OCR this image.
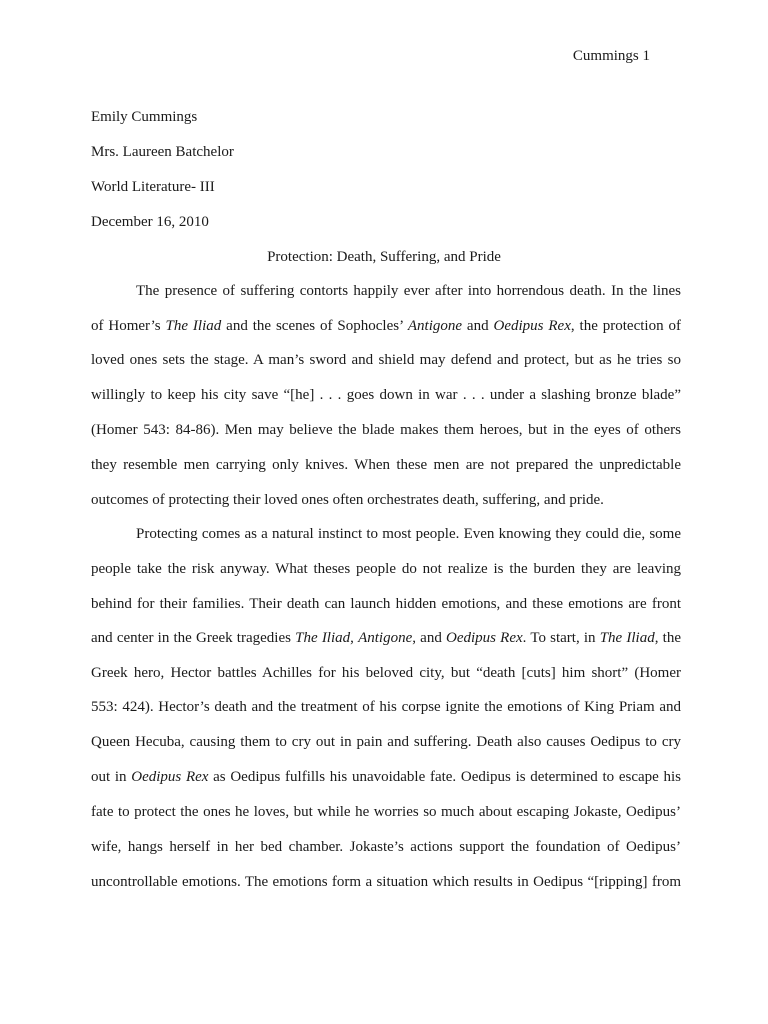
Cummings 1

Emily Cummings

Mrs. Laureen Batchelor

World Literature- III

December 16, 2010

Protection: Death, Suffering, and Pride

The presence of suffering contorts happily ever after into horrendous death. In the lines

of Homer’s The Iliad and the scenes of Sophocles’ Antigone and Oedipus Rex, the protection of

loved ones sets the stage. A man’s sword and shield may defend and protect, but as he tries so

willingly to keep his city save “[he] . . . goes down in war . . . under a slashing bronze blade”

(Homer 543: 84-86). Men may believe the blade makes them heroes, but in the eyes of others

they resemble men carrying only knives. When these men are not prepared the unpredictable

outcomes of protecting their loved ones often orchestrates death, suffering, and pride.

Protecting comes as a natural instinct to most people. Even knowing they could die, some

people take the risk anyway. What theses people do not realize is the burden they are leaving

behind for their families. Their death can launch hidden emotions, and these emotions are front

and center in the Greek tragedies The Iliad, Antigone, and Oedipus Rex. To start, in The Iliad, the

Greek hero, Hector battles Achilles for his beloved city, but “death [cuts] him short” (Homer

553: 424). Hector’s death and the treatment of his corpse ignite the emotions of King Priam and

Queen Hecuba, causing them to cry out in pain and suffering. Death also causes Oedipus to cry

out in Oedipus Rex as Oedipus fulfills his unavoidable fate. Oedipus is determined to escape his

fate to protect the ones he loves, but while he worries so much about escaping Jokaste, Oedipus’

wife, hangs herself in her bed chamber. Jokaste’s actions support the foundation of Oedipus’

uncontrollable emotions. The emotions form a situation which results in Oedipus “[ripping] from
